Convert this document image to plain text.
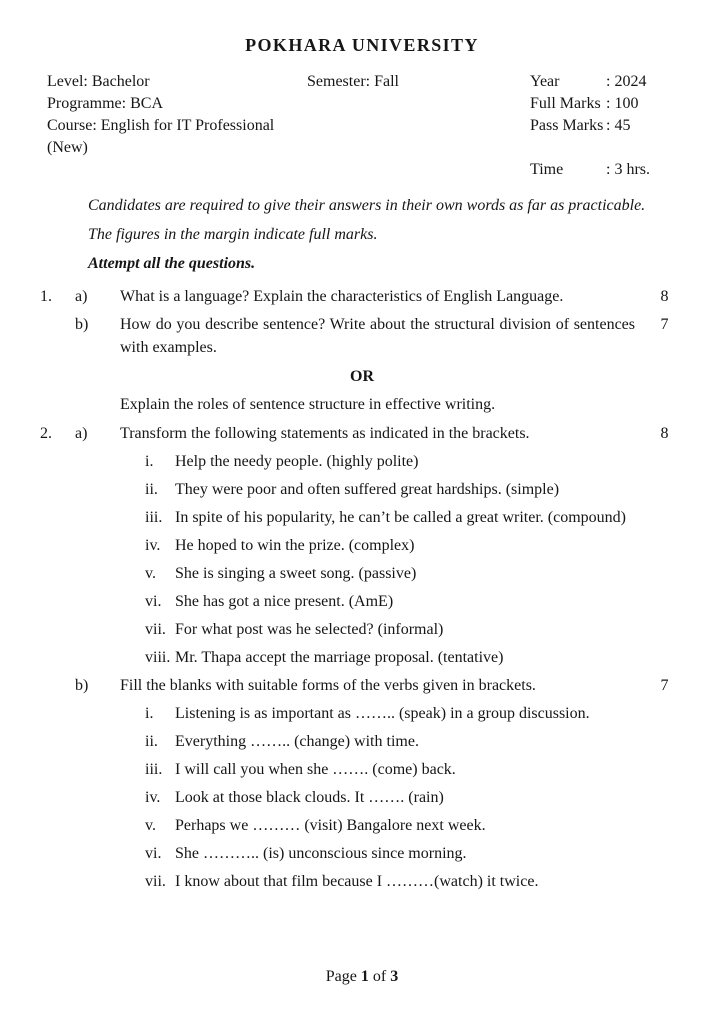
POKHARA UNIVERSITY
Level: Bachelor	Semester: Fall	Year	: 2024
Programme: BCA	Full Marks : 100
Course: English for IT Professional (New)
Pass Marks : 45
Time	: 3 hrs.

Candidates are required to give their answers in their own words as far as practicable.

The figures in the margin indicate full marks.

Attempt all the questions.

1.	a)	What is a language? Explain the characteristics of English Language.	8
b)	How do you describe sentence? Write about the structural division of sentences with examples.
7
OR
Explain the roles of sentence structure in effective writing.
2.	a)	Transform the following statements as indicated in the brackets.	8
i.	Help the needy people. (highly polite)
ii.	They were poor and often suffered great hardships. (simple)
iii. In spite of his popularity, he can’t be called a great writer. (compound)
iv. He hoped to win the prize. (complex)
v.	She is singing a sweet song. (passive)
vi. She has got a nice present. (AmE)
vii. For what post was he selected? (informal)
viii. Mr. Thapa accept the marriage proposal. (tentative)
b)	Fill the blanks with suitable forms of the verbs given in brackets.	7
i.	Listening is as important as …….. (speak) in a group discussion.
ii.	Everything …….. (change) with time.
iii. I will call you when she ……. (come) back.
iv. Look at those black clouds. It ……. (rain)
v.	Perhaps we ……… (visit) Bangalore next week.
vi. She ……….. (is) unconscious since morning.
vii. I know about that film because I ………(watch) it twice.
Page 1 of 3
